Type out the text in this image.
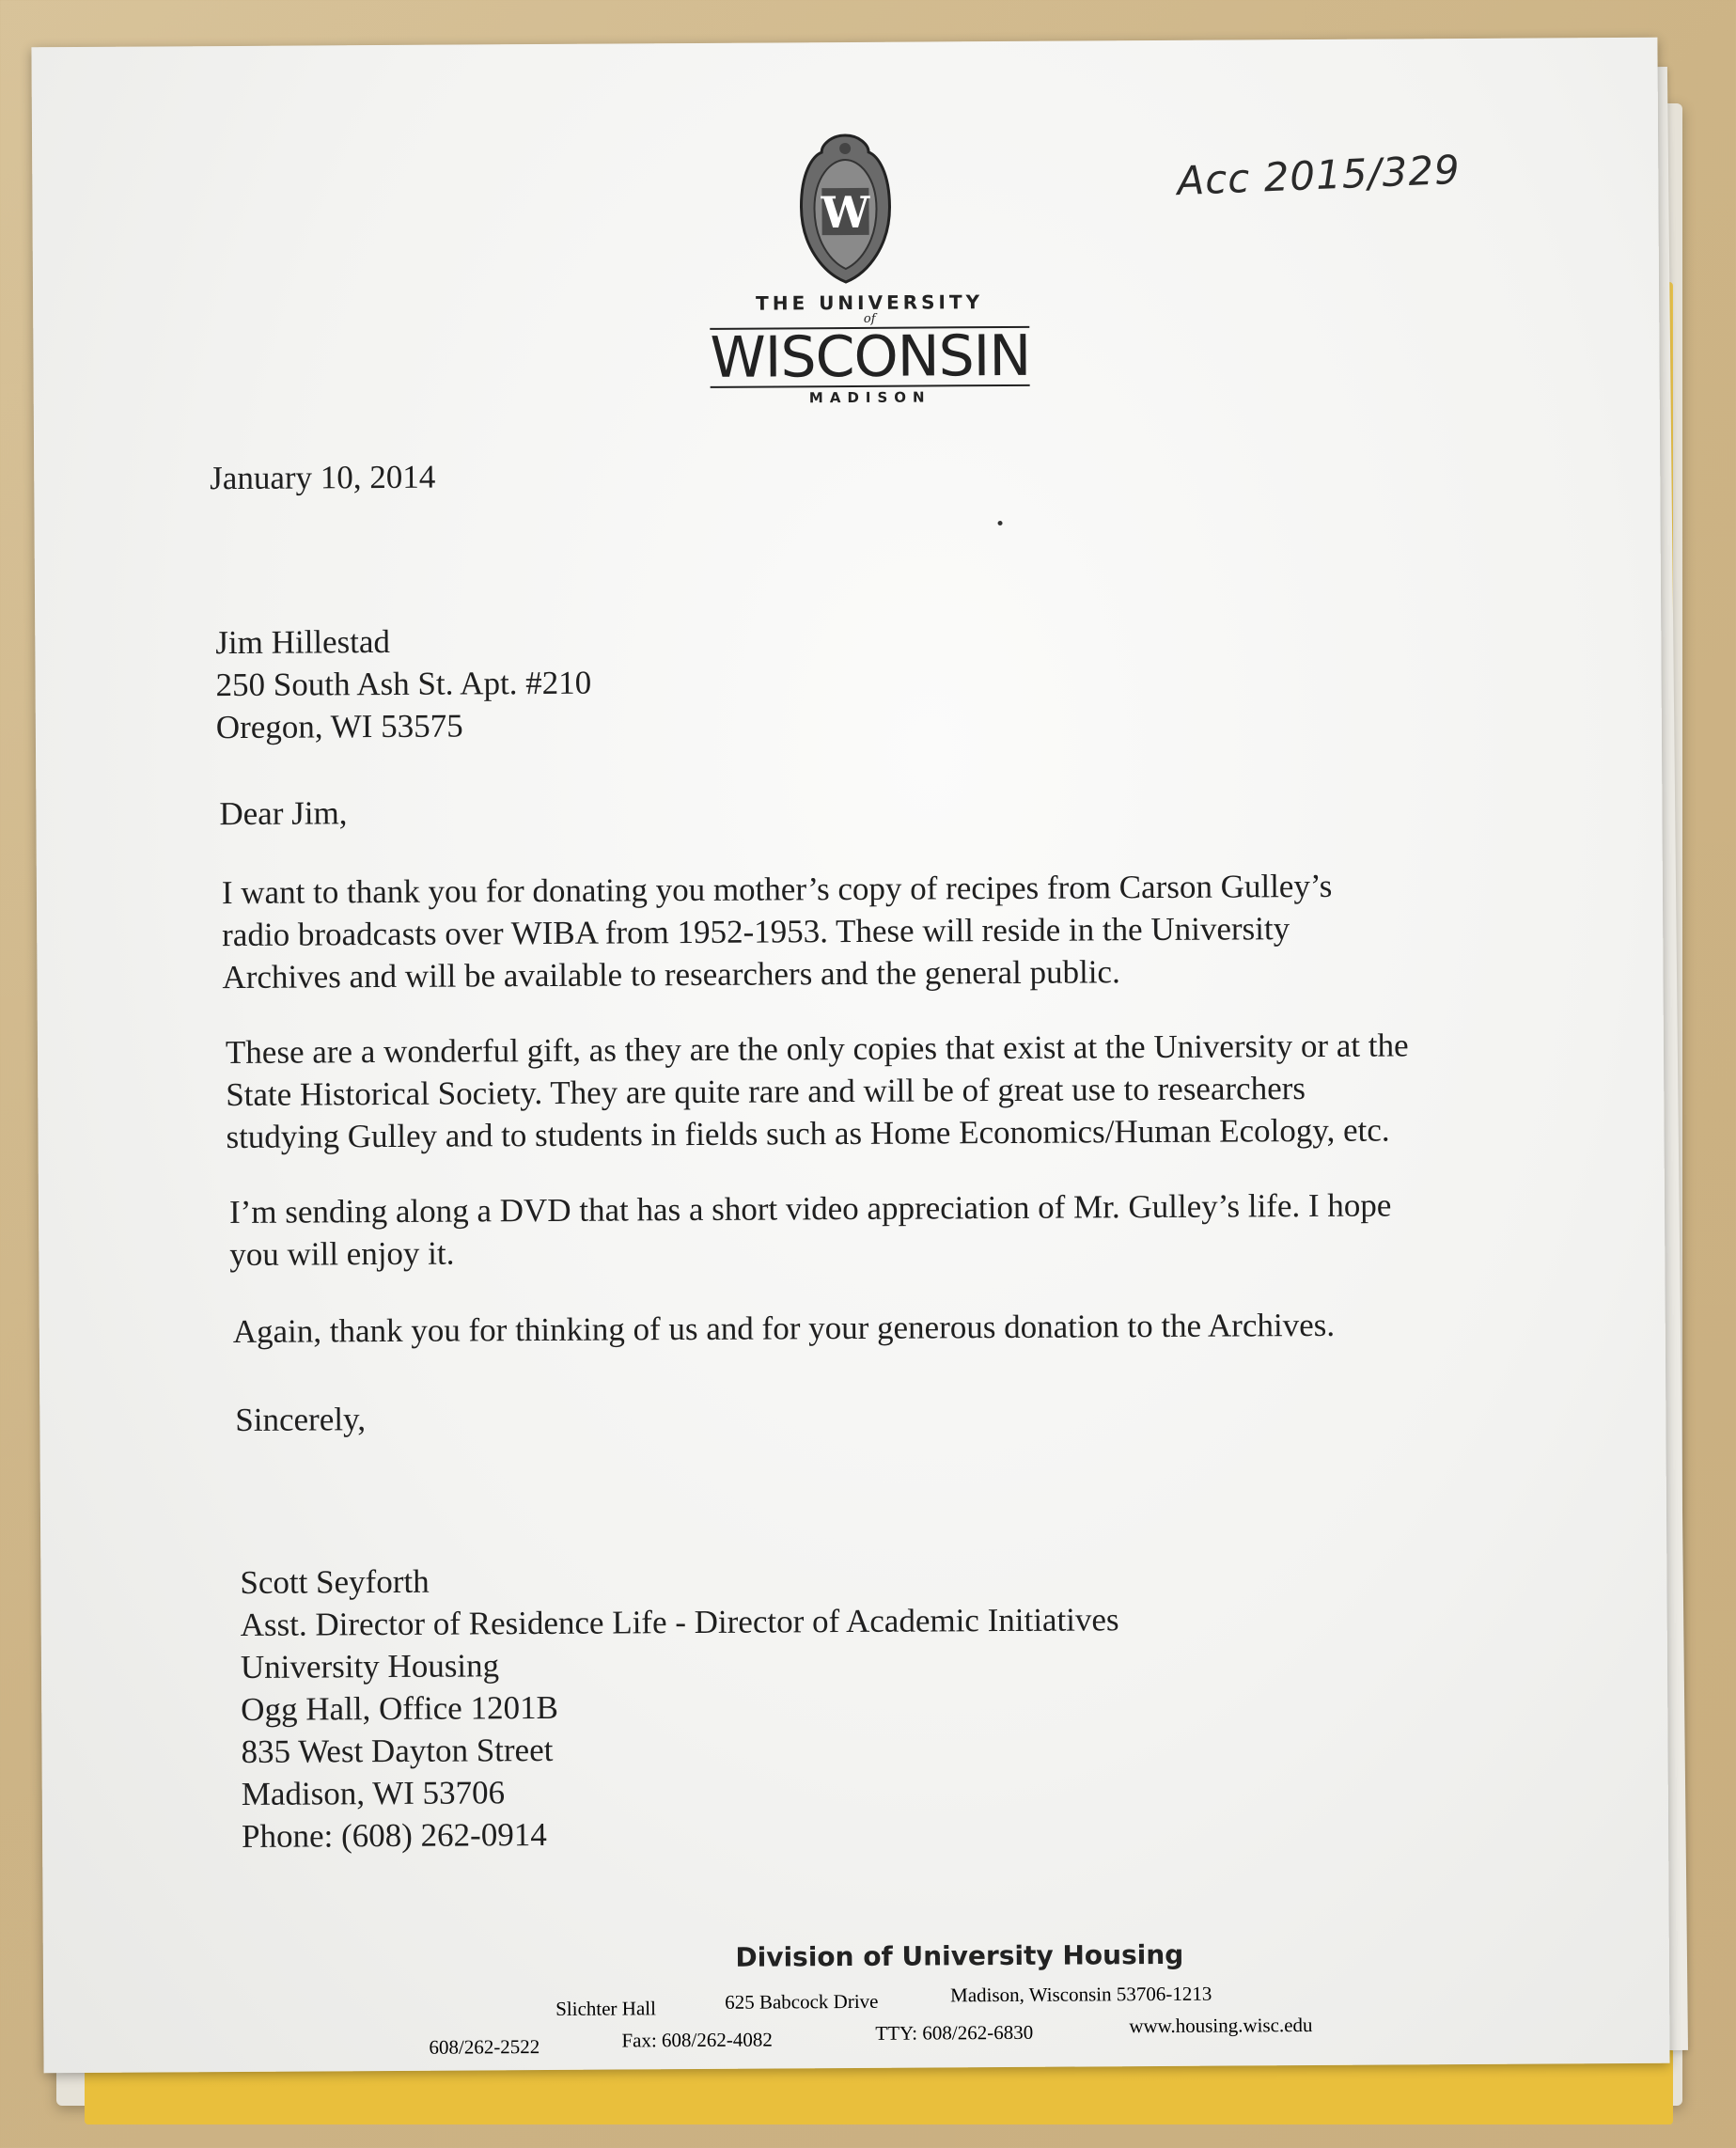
Acc 2015/329
W
THE UNIVERSITY
of
WISCONSIN
MADISON
January 10, 2014
Jim Hillestad
250 South Ash St. Apt. #210
Oregon, WI 53575
Dear Jim,
I want to thank you for donating you mother’s copy of recipes from Carson Gulley’s
radio broadcasts over WIBA from 1952-1953. These will reside in the University
Archives and will be available to researchers and the general public.
These are a wonderful gift, as they are the only copies that exist at the University or at the
State Historical Society. They are quite rare and will be of great use to researchers
studying Gulley and to students in fields such as Home Economics/Human Ecology, etc.
I’m sending along a DVD that has a short video appreciation of Mr. Gulley’s life. I hope
you will enjoy it.
Again, thank you for thinking of us and for your generous donation to the Archives.
Sincerely,
Scott Seyforth
Asst. Director of Residence Life - Director of Academic Initiatives
University Housing
Ogg Hall, Office 1201B
835 West Dayton Street
Madison, WI 53706
Phone: (608) 262-0914
Division of University Housing
Slichter Hall	625 Babcock Drive	Madison, Wisconsin 53706-1213
608/262-2522	Fax: 608/262-4082	TTY: 608/262-6830	www.housing.wisc.edu
